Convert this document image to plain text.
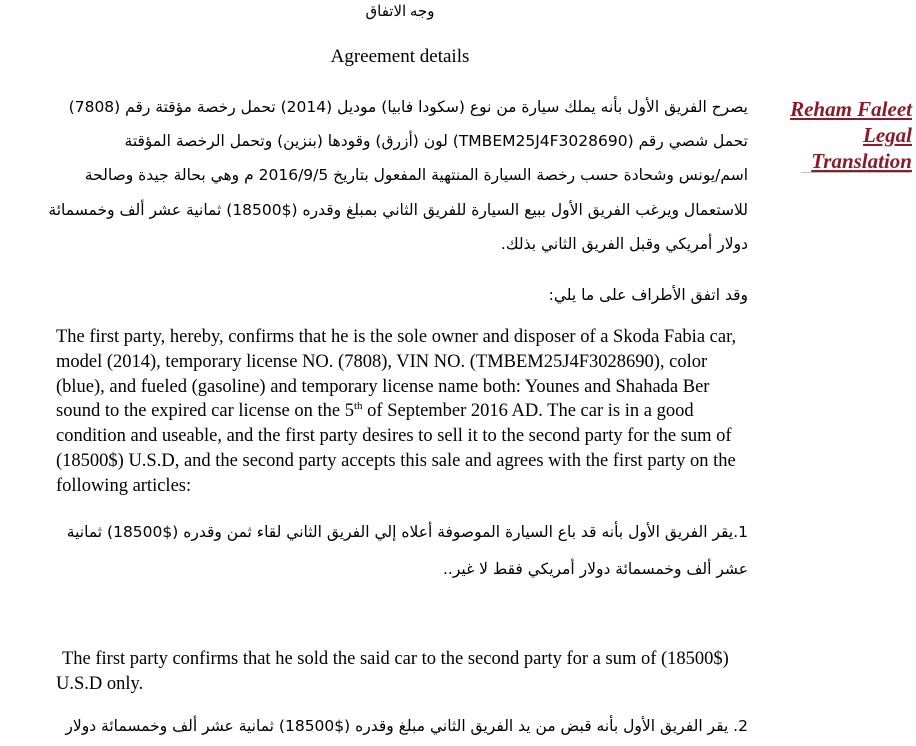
وجه الاتفاق
Agreement details
Reham Faleet
Legal
Translation
يصرح الفريق الأول بأنه يملك سيارة من نوع (سكودا فابيا) موديل (2014) تحمل رخصة مؤقتة رقم (7808)
تحمل شصي رقم (TMBEM25J4F3028690) لون (أزرق) وقودها (بنزين) وتحمل الرخصة المؤقتة
اسم/يونس وشحادة حسب رخصة السيارة المنتهية المفعول بتاريخ 2016/9/5 م وهي بحالة جيدة وصالحة
للاستعمال ويرغب الفريق الأول ببيع السيارة للفريق الثاني بمبلغ وقدره ($18500) ثمانية عشر ألف وخمسمائة
دولار أمريكي وقبل الفريق الثاني بذلك.
وقد اتفق الأطراف على ما يلي:
The first party, hereby, confirms that he is the sole owner and disposer of a Skoda Fabia car, model (2014), temporary license NO. (7808), VIN NO. (TMBEM25J4F3028690), color (blue), and fueled (gasoline) and temporary license name both: Younes and Shahada Ber sound to the expired car license on the 5th of September 2016 AD. The car is in a good condition and useable, and the first party desires to sell it to the second party for the sum of (18500$) U.S.D, and the second party accepts this sale and agrees with the first party on the following articles:
1.يقر الفريق الأول بأنه قد باع السيارة الموصوفة أعلاه إلي الفريق الثاني لقاء ثمن وقدره ($18500) ثمانية
عشر ألف وخمسمائة دولار أمريكي فقط لا غير..
The first party confirms that he sold the said car to the second party for a sum of (18500$) U.S.D only.
2. يقر الفريق الأول بأنه قبض من يد الفريق الثاني مبلغ وقدره ($18500) ثمانية عشر ألف وخمسمائة دولار
